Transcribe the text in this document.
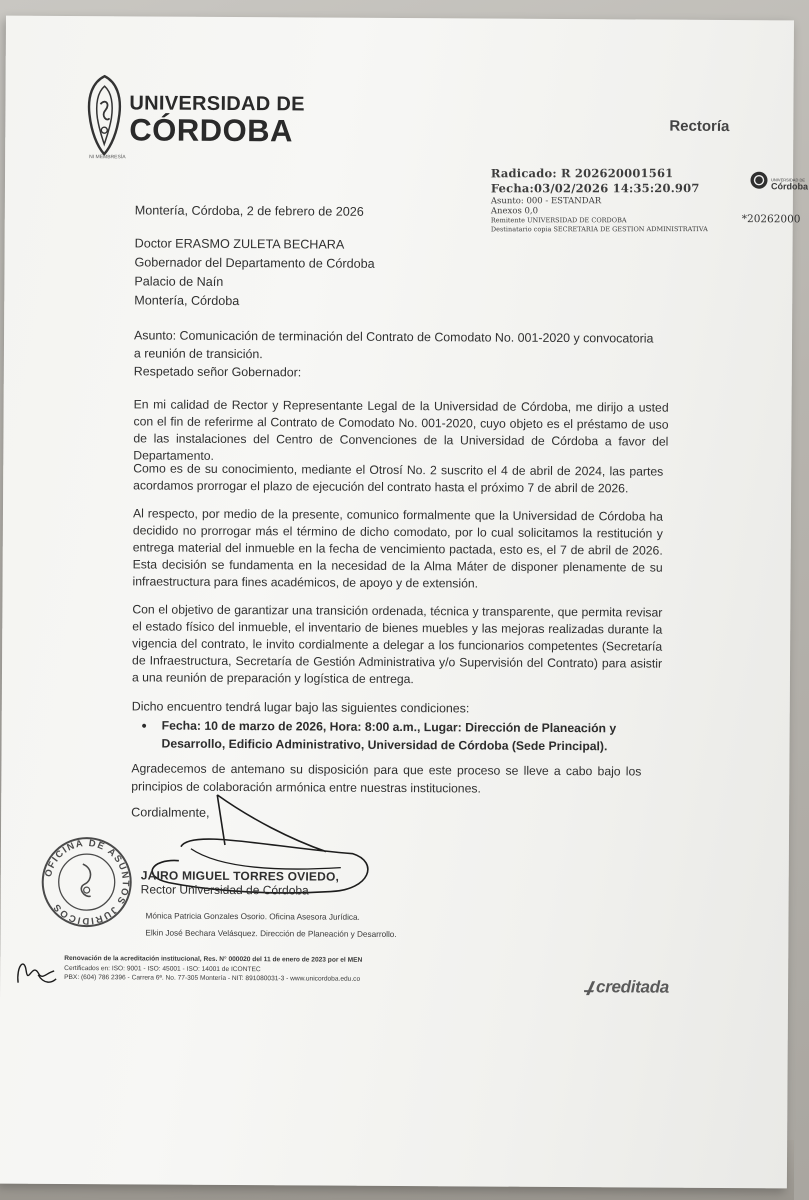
UNIVERSIDAD DE
CÓRDOBA
NI MEMBRESÍA
Rectoría
Radicado: R 202620001561
Fecha:03/02/2026 14:35:20.907
Asunto: 000 - ESTANDAR
Anexos 0,0
Remitente UNIVERSIDAD DE CORDOBA
Destinatario copia SECRETARIA DE GESTION ADMINISTRATIVA
UNIVERSIDAD DE
Córdoba
*20262000
Montería, Córdoba, 2 de febrero de 2026
Doctor ERASMO ZULETA BECHARA
Gobernador del Departamento de Córdoba
Palacio de Naín
Montería, Córdoba
Asunto: Comunicación de terminación del Contrato de Comodato No. 001-2020 y convocatoria a reunión de transición.
Respetado señor Gobernador:
En mi calidad de Rector y Representante Legal de la Universidad de Córdoba, me dirijo a usted con el fin de referirme al Contrato de Comodato No. 001-2020, cuyo objeto es el préstamo de uso de las instalaciones del Centro de Convenciones de la Universidad de Córdoba a favor del Departamento.
Como es de su conocimiento, mediante el Otrosí No. 2 suscrito el 4 de abril de 2024, las partes acordamos prorrogar el plazo de ejecución del contrato hasta el próximo 7 de abril de 2026.
Al respecto, por medio de la presente, comunico formalmente que la Universidad de Córdoba ha decidido no prorrogar más el término de dicho comodato, por lo cual solicitamos la restitución y entrega material del inmueble en la fecha de vencimiento pactada, esto es, el 7 de abril de 2026. Esta decisión se fundamenta en la necesidad de la Alma Máter de disponer plenamente de su infraestructura para fines académicos, de apoyo y de extensión.
Con el objetivo de garantizar una transición ordenada, técnica y transparente, que permita revisar el estado físico del inmueble, el inventario de bienes muebles y las mejoras realizadas durante la vigencia del contrato, le invito cordialmente a delegar a los funcionarios competentes (Secretaría de Infraestructura, Secretaría de Gestión Administrativa y/o Supervisión del Contrato) para asistir a una reunión de preparación y logística de entrega.
Dicho encuentro tendrá lugar bajo las siguientes condiciones:
•	Fecha: 10 de marzo de 2026, Hora: 8:00 a.m., Lugar: Dirección de Planeación y Desarrollo, Edificio Administrativo, Universidad de Córdoba (Sede Principal).
Agradecemos de antemano su disposición para que este proceso se lleve a cabo bajo los principios de colaboración armónica entre nuestras instituciones.
Cordialmente,
OFICINA DE ASUNTOS JURÍDICOS
JAIRO MIGUEL TORRES OVIEDO,
Rector Universidad de Córdoba
Mónica Patricia Gonzales Osorio. Oficina Asesora Jurídica.
Elkin José Bechara Velásquez. Dirección de Planeación y Desarrollo.
Renovación de la acreditación institucional, Res. N° 000020 del 11 de enero de 2023 por el MEN
Certificados en: ISO: 9001 - ISO: 45001 - ISO: 14001 de ICONTEC
PBX: (604) 786 2396 - Carrera 6ª. No. 77-305 Montería - NIT: 891080031-3 - www.unicordoba.edu.co	creditada
